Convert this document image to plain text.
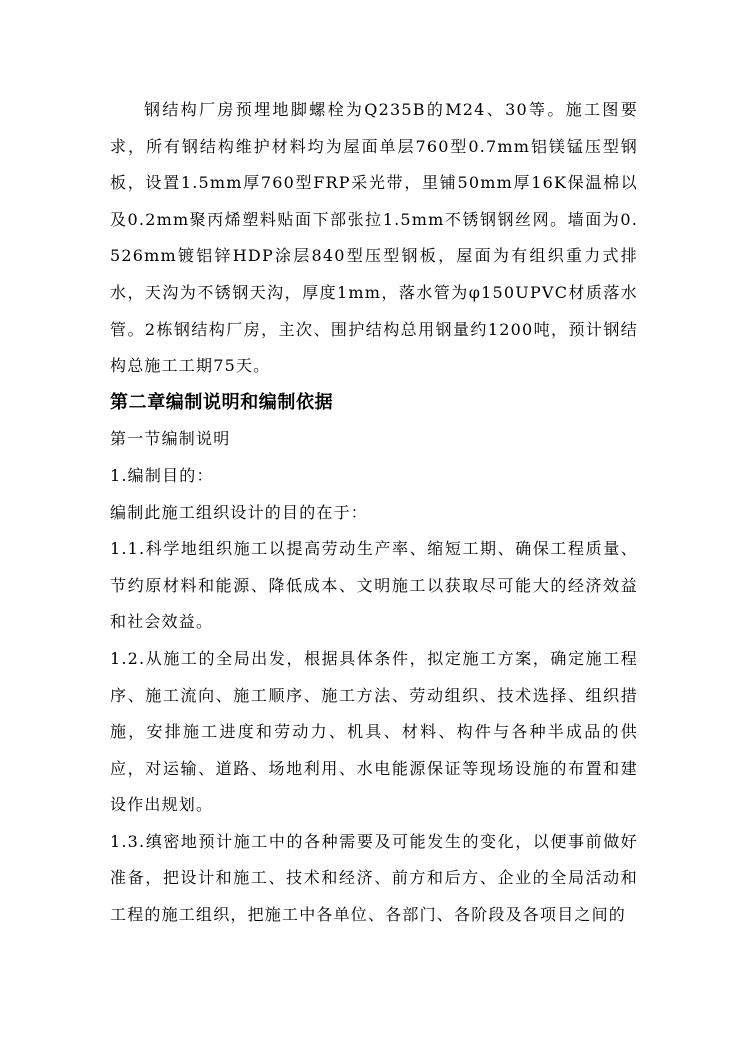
钢结构厂房预埋地脚螺栓为Q235B的M24、30等。施工图要求，所有钢结构维护材料均为屋面单层760型0.7mm铝镁锰压型钢板，设置1.5mm厚760型FRP采光带，里铺50mm厚16K保温棉以及0.2mm聚丙烯塑料贴面下部张拉1.5mm不锈钢钢丝网。墙面为0.526mm镀铝锌HDP涂层840型压型钢板，屋面为有组织重力式排水，天沟为不锈钢天沟，厚度1mm，落水管为φ150UPVC材质落水管。2栋钢结构厂房，主次、围护结构总用钢量约1200吨，预计钢结构总施工工期75天。

第二章编制说明和编制依据

第一节编制说明

1.编制目的：

编制此施工组织设计的目的在于：

1.1.科学地组织施工以提高劳动生产率、缩短工期、确保工程质量、节约原材料和能源、降低成本、文明施工以获取尽可能大的经济效益和社会效益。

1.2.从施工的全局出发，根据具体条件，拟定施工方案，确定施工程序、施工流向、施工顺序、施工方法、劳动组织、技术选择、组织措施，安排施工进度和劳动力、机具、材料、构件与各种半成品的供应，对运输、道路、场地利用、水电能源保证等现场设施的布置和建设作出规划。

1.3.缜密地预计施工中的各种需要及可能发生的变化，以便事前做好准备，把设计和施工、技术和经济、前方和后方、企业的全局活动和工程的施工组织，把施工中各单位、各部门、各阶段及各项目之间的
